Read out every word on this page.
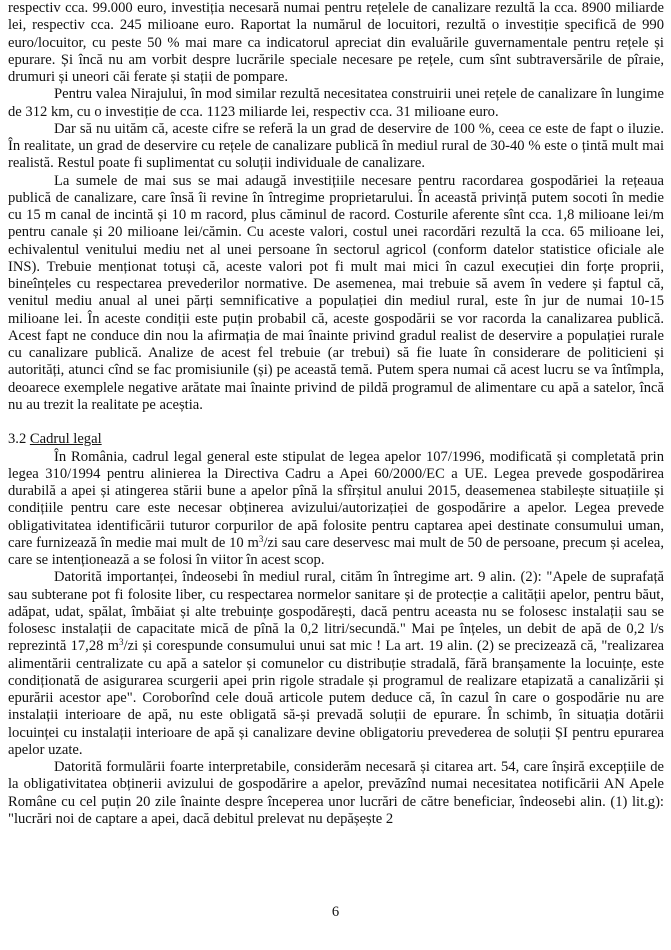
respectiv cca. 99.000 euro, investiția necesară numai pentru rețelele de canalizare rezultă la cca. 8900 miliarde lei, respectiv cca. 245 milioane euro. Raportat la numărul de locuitori, rezultă o investiție specifică de 990 euro/locuitor, cu peste 50 % mai mare ca indicatorul apreciat din evaluările guvernamentale pentru rețele și epurare. Și încă nu am vorbit despre lucrările speciale necesare pe rețele, cum sînt subtraversările de pîraie, drumuri și uneori căi ferate și stații de pompare.

Pentru valea Nirajului, în mod similar rezultă necesitatea construirii unei rețele de canalizare în lungime de 312 km, cu o investiție de cca. 1123 miliarde lei, respectiv cca. 31 milioane euro.

Dar să nu uităm că, aceste cifre se referă la un grad de deservire de 100 %, ceea ce este de fapt o iluzie. În realitate, un grad de deservire cu rețele de canalizare publică în mediul rural de 30-40 % este o țintă mult mai realistă. Restul poate fi suplimentat cu soluții individuale de canalizare.

La sumele de mai sus se mai adaugă investițiile necesare pentru racordarea gospodăriei la rețeaua publică de canalizare, care însă îi revine în întregime proprietarului. În această privință putem socoti în medie cu 15 m canal de incintă și 10 m racord, plus căminul de racord. Costurile aferente sînt cca. 1,8 milioane lei/m pentru canale și 20 milioane lei/cămin. Cu aceste valori, costul unei racordări rezultă la cca. 65 milioane lei, echivalentul venitului mediu net al unei persoane în sectorul agricol (conform datelor statistice oficiale ale INS). Trebuie menționat totuși că, aceste valori pot fi mult mai mici în cazul execuției din forțe proprii, bineînțeles cu respectarea prevederilor normative. De asemenea, mai trebuie să avem în vedere și faptul că, venitul mediu anual al unei părți semnificative a populației din mediul rural, este în jur de numai 10-15 milioane lei. În aceste condiții este puțin probabil că, aceste gospodării se vor racorda la canalizarea publică. Acest fapt ne conduce din nou la afirmația de mai înainte privind gradul realist de deservire a populației rurale cu canalizare publică. Analize de acest fel trebuie (ar trebui) să fie luate în considerare de politicieni și autorități, atunci cînd se fac promisiunile (și) pe această temă. Putem spera numai că acest lucru se va întîmpla, deoarece exemplele negative arătate mai înainte privind de pildă programul de alimentare cu apă a satelor, încă nu au trezit la realitate pe aceștia.

3.2 Cadrul legal

În România, cadrul legal general este stipulat de legea apelor 107/1996, modificată și completată prin legea 310/1994 pentru alinierea la Directiva Cadru a Apei 60/2000/EC a UE. Legea prevede gospodărirea durabilă a apei și atingerea stării bune a apelor pînă la sfîrșitul anului 2015, deasemenea stabilește situațiile și condițiile pentru care este necesar obținerea avizului/autorizației de gospodărire a apelor. Legea prevede obligativitatea identificării tuturor corpurilor de apă folosite pentru captarea apei destinate consumului uman, care furnizează în medie mai mult de 10 $m^3/zi$ sau care deservesc mai mult de 50 de persoane, precum și acelea, care se intenționează a se folosi în viitor în acest scop.

Datorită importanței, îndeosebi în mediul rural, cităm în întregime art. 9 alin. (2): "Apele de suprafață sau subterane pot fi folosite liber, cu respectarea normelor sanitare și de protecție a calității apelor, pentru băut, adăpat, udat, spălat, îmbăiat și alte trebuințe gospodărești, dacă pentru aceasta nu se folosesc instalații sau se folosesc instalații de capacitate mică de pînă la 0,2 litri/secundă." Mai pe înțeles, un debit de apă de 0,2 l/s reprezintă 17,28 $m^3/zi$ și corespunde consumului unui sat mic ! La art. 19 alin. (2) se precizează că, "realizarea alimentării centralizate cu apă a satelor și comunelor cu distribuție stradală, fără branșamente la locuințe, este condiționată de asigurarea scurgerii apei prin rigole stradale și programul de realizare etapizată a canalizării și epurării acestor ape". Coroborînd cele două articole putem deduce că, în cazul în care o gospodărie nu are instalații interioare de apă, nu este obligată să-și prevadă soluții de epurare. În schimb, în situația dotării locuinței cu instalații interioare de apă și canalizare devine obligatoriu prevederea de soluții ȘI pentru epurarea apelor uzate.

Datorită formulării foarte interpretabile, considerăm necesară și citarea art. 54, care înșiră excepțiile de la obligativitatea obținerii avizului de gospodărire a apelor, prevăzînd numai necesitatea notificării AN Apele Române cu cel puțin 20 zile înainte despre începerea unor lucrări de către beneficiar, îndeosebi alin. (1) lit.g): "lucrări noi de captare a apei, dacă debitul prelevat nu depășește 2

6
